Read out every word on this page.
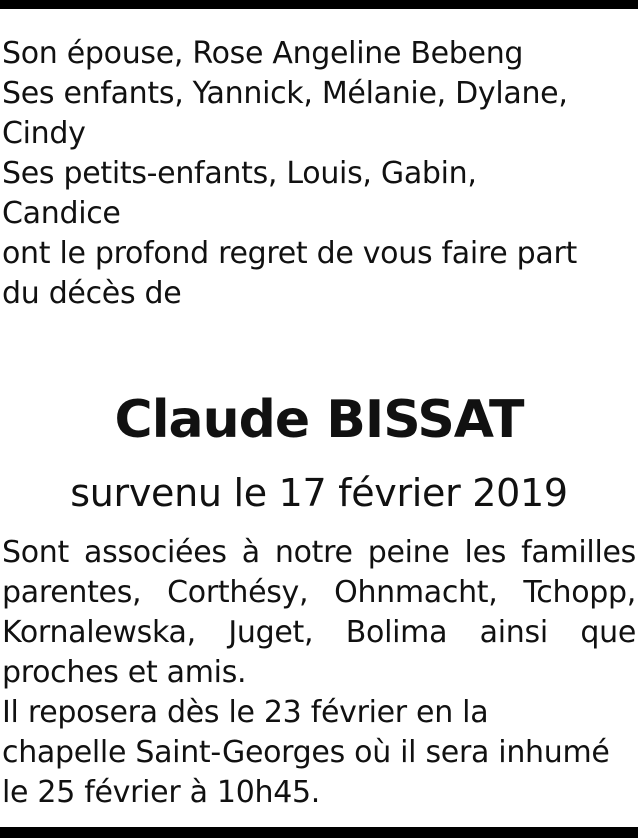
Son épouse, Rose Angeline Bebeng
Ses enfants, Yannick, Mélanie, Dylane,
Cindy
Ses petits-enfants, Louis, Gabin,
Candice
ont le profond regret de vous faire part
du décès de
Claude BISSAT
survenu le 17 février 2019
Sont associées à notre peine les familles
parentes, Corthésy, Ohnmacht, Tchopp,
Kornalewska, Juget, Bolima ainsi que
proches et amis.
Il reposera dès le 23 février en la
chapelle Saint-Georges où il sera inhumé
le 25 février à 10h45.
